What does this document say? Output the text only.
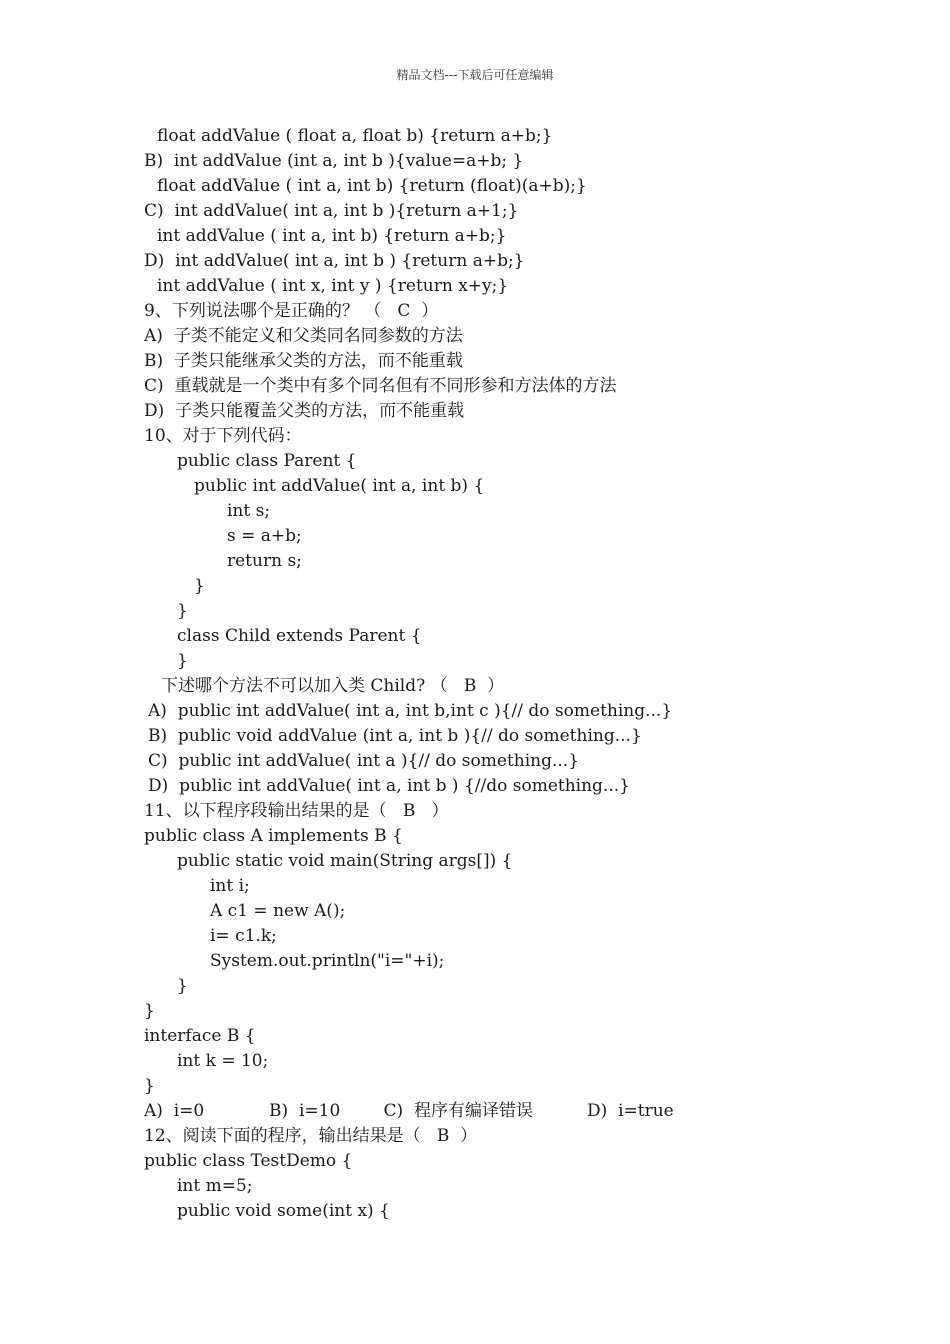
精品文档---下载后可任意编辑
float addValue ( float a, float b) {return a+b;}
B)  int addValue (int a, int b ){value=a+b; }
float addValue ( int a, int b) {return (float)(a+b);}
C)  int addValue( int a, int b ){return a+1;}
int addValue ( int a, int b) {return a+b;}
D)  int addValue( int a, int b ) {return a+b;}
int addValue ( int x, int y ) {return x+y;}
9、下列说法哪个是正确的？ （   C  ）
A)  子类不能定义和父类同名同参数的方法
B)  子类只能继承父类的方法，而不能重载
C)  重载就是一个类中有多个同名但有不同形参和方法体的方法
D)  子类只能覆盖父类的方法，而不能重载
10、对于下列代码：
public class Parent {
public int addValue( int a, int b) {
int s;
s = a+b;
return s;
}
}
class Child extends Parent {
}
下述哪个方法不可以加入类 Child? （   B  ）
A)  public int addValue( int a, int b,int c ){// do something...}
B)  public void addValue (int a, int b ){// do something...}
C)  public int addValue( int a ){// do something...}
D)  public int addValue( int a, int b ) {//do something...}
11、以下程序段输出结果的是（   B   ）
public class A implements B {
public static void main(String args[]) {
int i;
A c1 = new A();
i= c1.k;
System.out.println("i="+i);
}
}
interface B {
int k = 10;
}
A)  i=0            B)  i=10        C)  程序有编译错误          D)  i=true
12、阅读下面的程序，输出结果是（   B  ）
public class TestDemo {
int m=5;
public void some(int x) {
